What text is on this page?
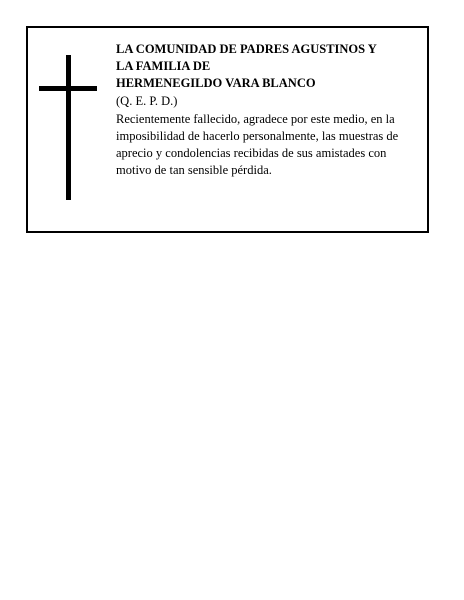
LA COMUNIDAD DE PADRES AGUSTINOS Y
LA FAMILIA DE
HERMENEGILDO VARA BLANCO
(Q. E. P. D.)
Recientemente fallecido, agradece por este medio, en la imposibilidad de hacerlo personalmente, las muestras de aprecio y condolencias recibidas de sus amistades con motivo de tan sensible pérdida.
